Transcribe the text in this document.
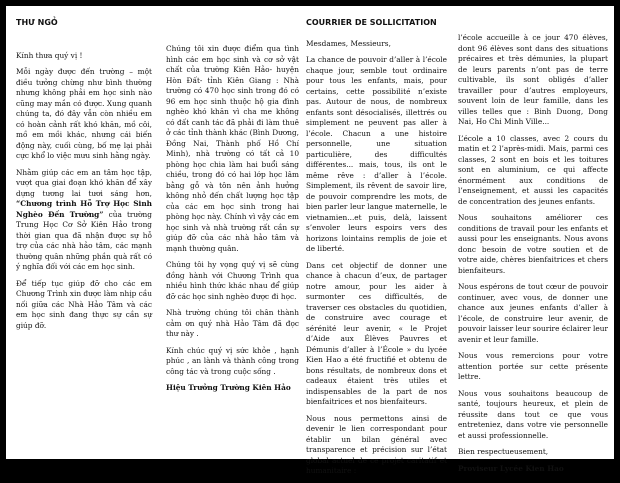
THƯ NGỎ

Kính thưa quý vị !

Mỗi ngày được đến trường – một điều tưởng chừng như bình thường nhưng không phải em học sinh nào cũng may mắn có được. Xung quanh chúng ta, đó đây vẫn còn nhiều em có hoàn cảnh rất khó khăn, mồ côi, mồ em mồi khác, nhưng cái biến động này, cuối cùng, bố mẹ lại phải cực khổ lo việc mưu sinh hằng ngày.

Nhằm giúp các em an tâm học tập, vượt qua giai đoạn khó khăn để xây dựng tương lai tươi sáng hơn, “Chương trình Hỗ Trợ Học Sinh Nghèo Đến Trường” của trường Trung Học Cơ Sở Kiên Hảo trong thời gian qua đã nhận được sự hỗ trợ của các nhà hảo tâm, các mạnh thường quân những phần quà rất có ý nghĩa đối với các em học sinh.

Để tiếp tục giúp đỡ cho các em Chương Trình xin được làm nhịp cầu nối giữa các Nhà Hảo Tâm và các em học sinh đang thực sự cần sự giúp đỡ.

Chúng tôi xin được điểm qua tình hình các em học sinh và cơ sở vật chất của trường Kiên Hảo- huyện Hòn Đất- tỉnh Kiên Giang : Nhà trường có 470 học sinh trong đó có 96 em học sinh thuộc hộ gia đình nghèo khó khăn vì cha me không có đất canh tác đã phải đi làm thuê ở các tỉnh thành khác (Bình Dương, Đồng Nai, Thành phố Hồ Chí Minh), nhà trường có tất cả 10 phòng học chia làm hai buổi sáng chiều, trong đó có hai lớp học lâm bằng gỗ và tôn nên ảnh hưởng không nhỏ đến chất lượng học tập của các em học sinh trong hai phòng học này. Chính vì vậy các em học sinh và nhà trường rất cần sự giúp đỡ của các nhà hảo tâm và mạnh thường quân.

Chúng tôi hy vọng quý vị sẽ cùng đồng hành với Chương Trình qua nhiều hình thức khác nhau để giúp đỡ các học sinh nghèo được đi học.

Nhà trường chúng tôi chân thành cảm ơn quý nhà Hảo Tâm đã đọc thư này .

Kính chúc quý vị sức khỏe , hạnh phúc , an lành và thành công trong công tác và trong cuộc sống .

Hiệu Trưởng Trường Kiên Hảo

COURRIER DE SOLLICITATION

Mesdames, Messieurs,

La chance de pouvoir d’aller à l’école chaque jour, semble tout ordinaire pour tous les enfants, mais, pour certains, cette possibilité n’existe pas. Autour de nous, de nombreux enfants sont désocialisés, illettrés ou simplement ne peuvent pas aller à l’école. Chacun a une histoire personnelle, une situation particulière, des difficultés différentes... mais, tous, ils ont le même rêve : d’aller à l’école. Simplement, ils rêvent de savoir lire, de pouvoir comprendre les mots, de bien parler leur langue maternelle, le vietnamien...et puis, delà, laissent s’envoler leurs espoirs vers des horizons lointains remplis de joie et de liberté.

Dans cet objectif de donner une chance à chacun d’eux, de partager notre amour, pour les aider à surmonter ces difficultés, de traverser ces obstacles du quotidien, de construire avec courage et sérénité leur avenir, « le Projet d’Aide aux Élèves Pauvres et Démunis d’aller à l’École » du lycée Kien Hao a été fructifié et obtenu de bons résultats, de nombreux dons et cadeaux étaient très utiles et indispensables de la part de nos bienfaitrices et nos bienfaiteurs.

Nous nous permettons ainsi de devenir le lien correspondant pour établir un bilan général avec transparence et précision sur l’état global actuel de ce projet caritatif et humanitaire :

l’école accueille à ce jour 470 élèves, dont 96 élèves sont dans des situations précaires et très démunies, la plupart de leurs parents n’ont pas de terre cultivable, ils sont obligés d’aller travailler pour d’autres employeurs, souvent loin de leur famille, dans les villes telles que : Binh Duong, Dong Nai, Ho Chi Minh Ville...

L’école a 10 classes, avec 2 cours du matin et 2 l’après-midi. Mais, parmi ces classes, 2 sont en bois et les toitures sont en aluminium, ce qui affecte énormément aux conditions de l’enseignement, et aussi les capacités de concentration des jeunes enfants.

Nous souhaitons améliorer ces conditions de travail pour les enfants et aussi pour les enseignants. Nous avons donc besoin de votre soutien et de votre aide, chères bienfaitrices et chers bienfaiteurs.

Nous espérons de tout cœur de pouvoir continuer, avec vous, de donner une chance aux jeunes enfants d’aller à l’école, de construire leur avenir, de pouvoir laisser leur sourire éclairer leur avenir et leur famille.

Nous vous remercions pour votre attention portée sur cette présente lettre.

Nous vous souhaitons beaucoup de santé, toujours heureux, et plein de réussite dans tout ce que vous entreteniez, dans votre vie personnelle et aussi professionnelle.

Bien respectueusement,

Proviseur Lycée Kien Hao
